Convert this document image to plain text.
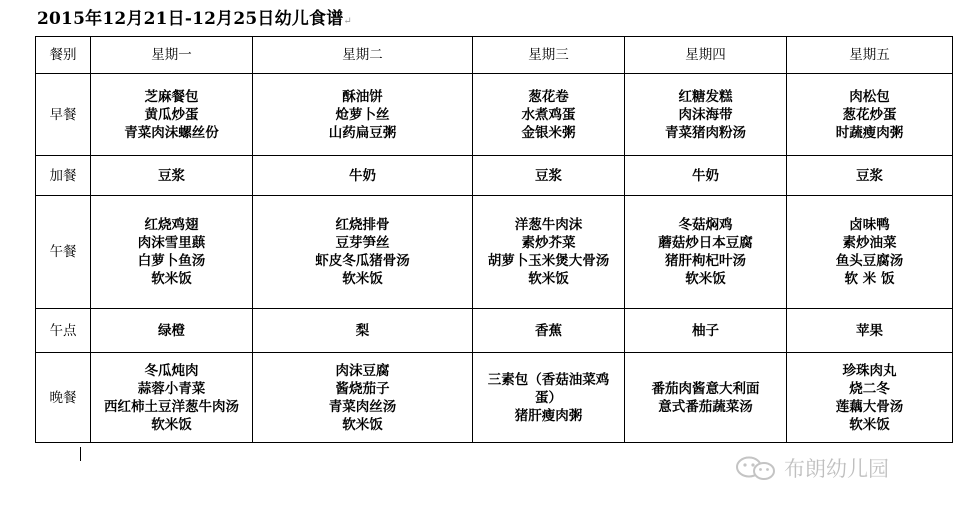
2015年12月21日-12月25日幼儿食谱↵
餐别	星期一	星期二	星期三	星期四	星期五
早餐	芝麻餐包
黄瓜炒蛋
青菜肉沫螺丝份	酥油饼
炝萝卜丝
山药扁豆粥	葱花卷
水煮鸡蛋
金银米粥	红糖发糕
肉沫海带
青菜猪肉粉汤	肉松包
葱花炒蛋
时蔬瘦肉粥

加餐	豆浆	牛奶	豆浆	牛奶	豆浆

午餐	红烧鸡翅
肉沫雪里蕻
白萝卜鱼汤
软米饭	红烧排骨
豆芽笋丝
虾皮冬瓜猪骨汤
软米饭	洋葱牛肉沫
素炒芥菜
胡萝卜玉米煲大骨汤
软米饭	冬菇焖鸡
蘑菇炒日本豆腐
猪肝枸杞叶汤
软米饭	卤味鸭
素炒油菜
鱼头豆腐汤
软 米 饭

午点	绿橙	梨	香蕉	柚子	苹果

晚餐	冬瓜炖肉
蒜蓉小青菜
西红柿土豆洋葱牛肉汤
软米饭	肉沫豆腐
酱烧茄子
青菜肉丝汤
软米饭	三素包（香菇油菜鸡
蛋）
猪肝瘦肉粥	番茄肉酱意大利面
意式番茄蔬菜汤	珍珠肉丸
烧二冬
莲藕大骨汤
软米饭
布朗幼儿园
